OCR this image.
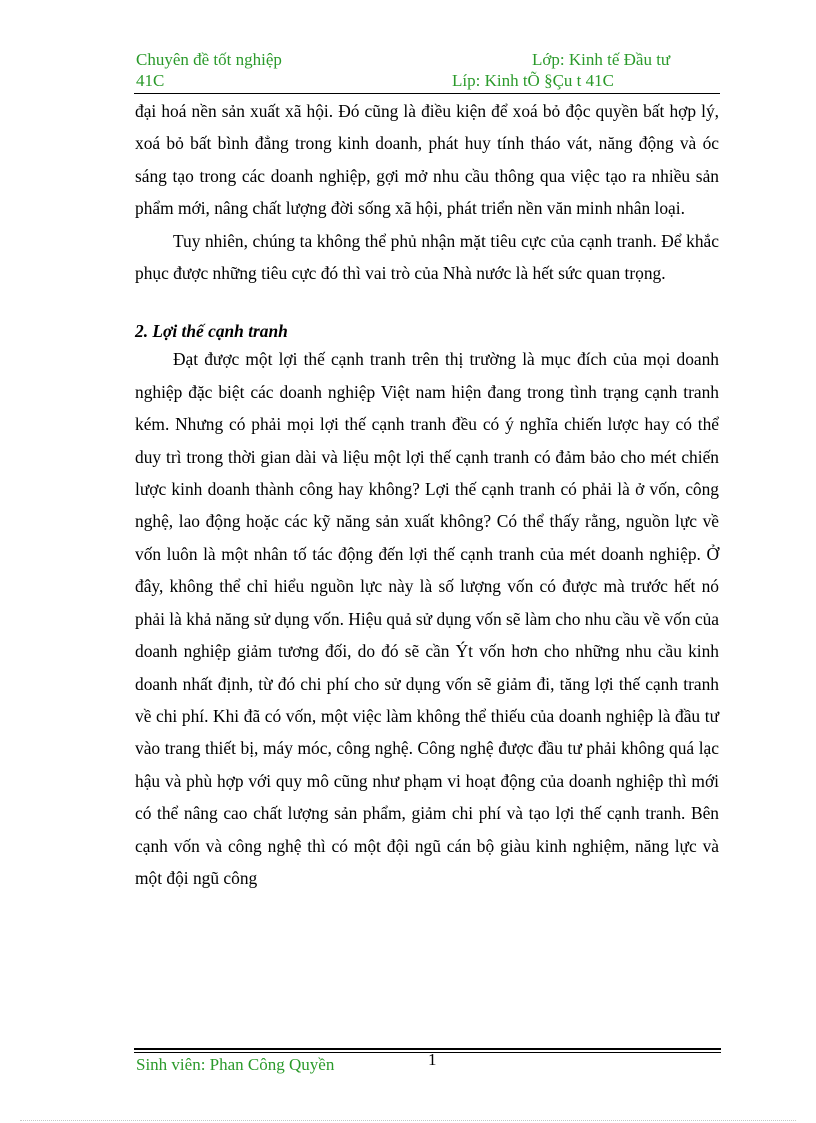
Chuyên đề tốt nghiệp	Lớp: Kinh tế Đầu tư
41C	Líp: Kinh tÕ §Çu t 41C

đại hoá nền sản xuất xã hội. Đó cũng là điều kiện để xoá bỏ độc quyền bất hợp lý, xoá bỏ bất bình đẳng trong kinh doanh, phát huy tính tháo vát, năng động và óc sáng tạo trong các doanh nghiệp, gợi mở nhu cầu thông qua việc tạo ra nhiều sản phẩm mới, nâng chất lượng đời sống xã hội, phát triển nền văn minh nhân loại.

Tuy nhiên, chúng ta không thể phủ nhận mặt tiêu cực của cạnh tranh. Để khắc phục được những tiêu cực đó thì vai trò của Nhà nước là hết sức quan trọng.

2. Lợi thế cạnh tranh

Đạt được một lợi thế cạnh tranh trên thị trường là mục đích của mọi doanh nghiệp đặc biệt các doanh nghiệp Việt nam hiện đang trong tình trạng cạnh tranh kém. Nhưng có phải mọi lợi thế cạnh tranh đều có ý nghĩa chiến lược hay có thể duy trì trong thời gian dài và liệu một lợi thế cạnh tranh có đảm bảo cho mét chiến lược kinh doanh thành công hay không? Lợi thế cạnh tranh có phải là ở vốn, công nghệ, lao động hoặc các kỹ năng sản xuất không? Có thể thấy rằng, nguồn lực về vốn luôn là một nhân tố tác động đến lợi thế cạnh tranh của mét doanh nghiệp. Ở đây, không thể chỉ hiểu nguồn lực này là số lượng vốn có được mà trước hết nó phải là khả năng sử dụng vốn. Hiệu quả sử dụng vốn sẽ làm cho nhu cầu về vốn của doanh nghiệp giảm tương đối, do đó sẽ cần Ýt vốn hơn cho những nhu cầu kinh doanh nhất định, từ đó chi phí cho sử dụng vốn sẽ giảm đi, tăng lợi thế cạnh tranh về chi phí. Khi đã có vốn, một việc làm không thể thiếu của doanh nghiệp là đầu tư vào trang thiết bị, máy móc, công nghệ. Công nghệ được đầu tư phải không quá lạc hậu và phù hợp với quy mô cũng như phạm vi hoạt động của doanh nghiệp thì mới có thể nâng cao chất lượng sản phẩm, giảm chi phí và tạo lợi thế cạnh tranh. Bên cạnh vốn và công nghệ thì có một đội ngũ cán bộ giàu kinh nghiệm, năng lực và một đội ngũ công

Sinh viên: Phan Công Quyền	1
